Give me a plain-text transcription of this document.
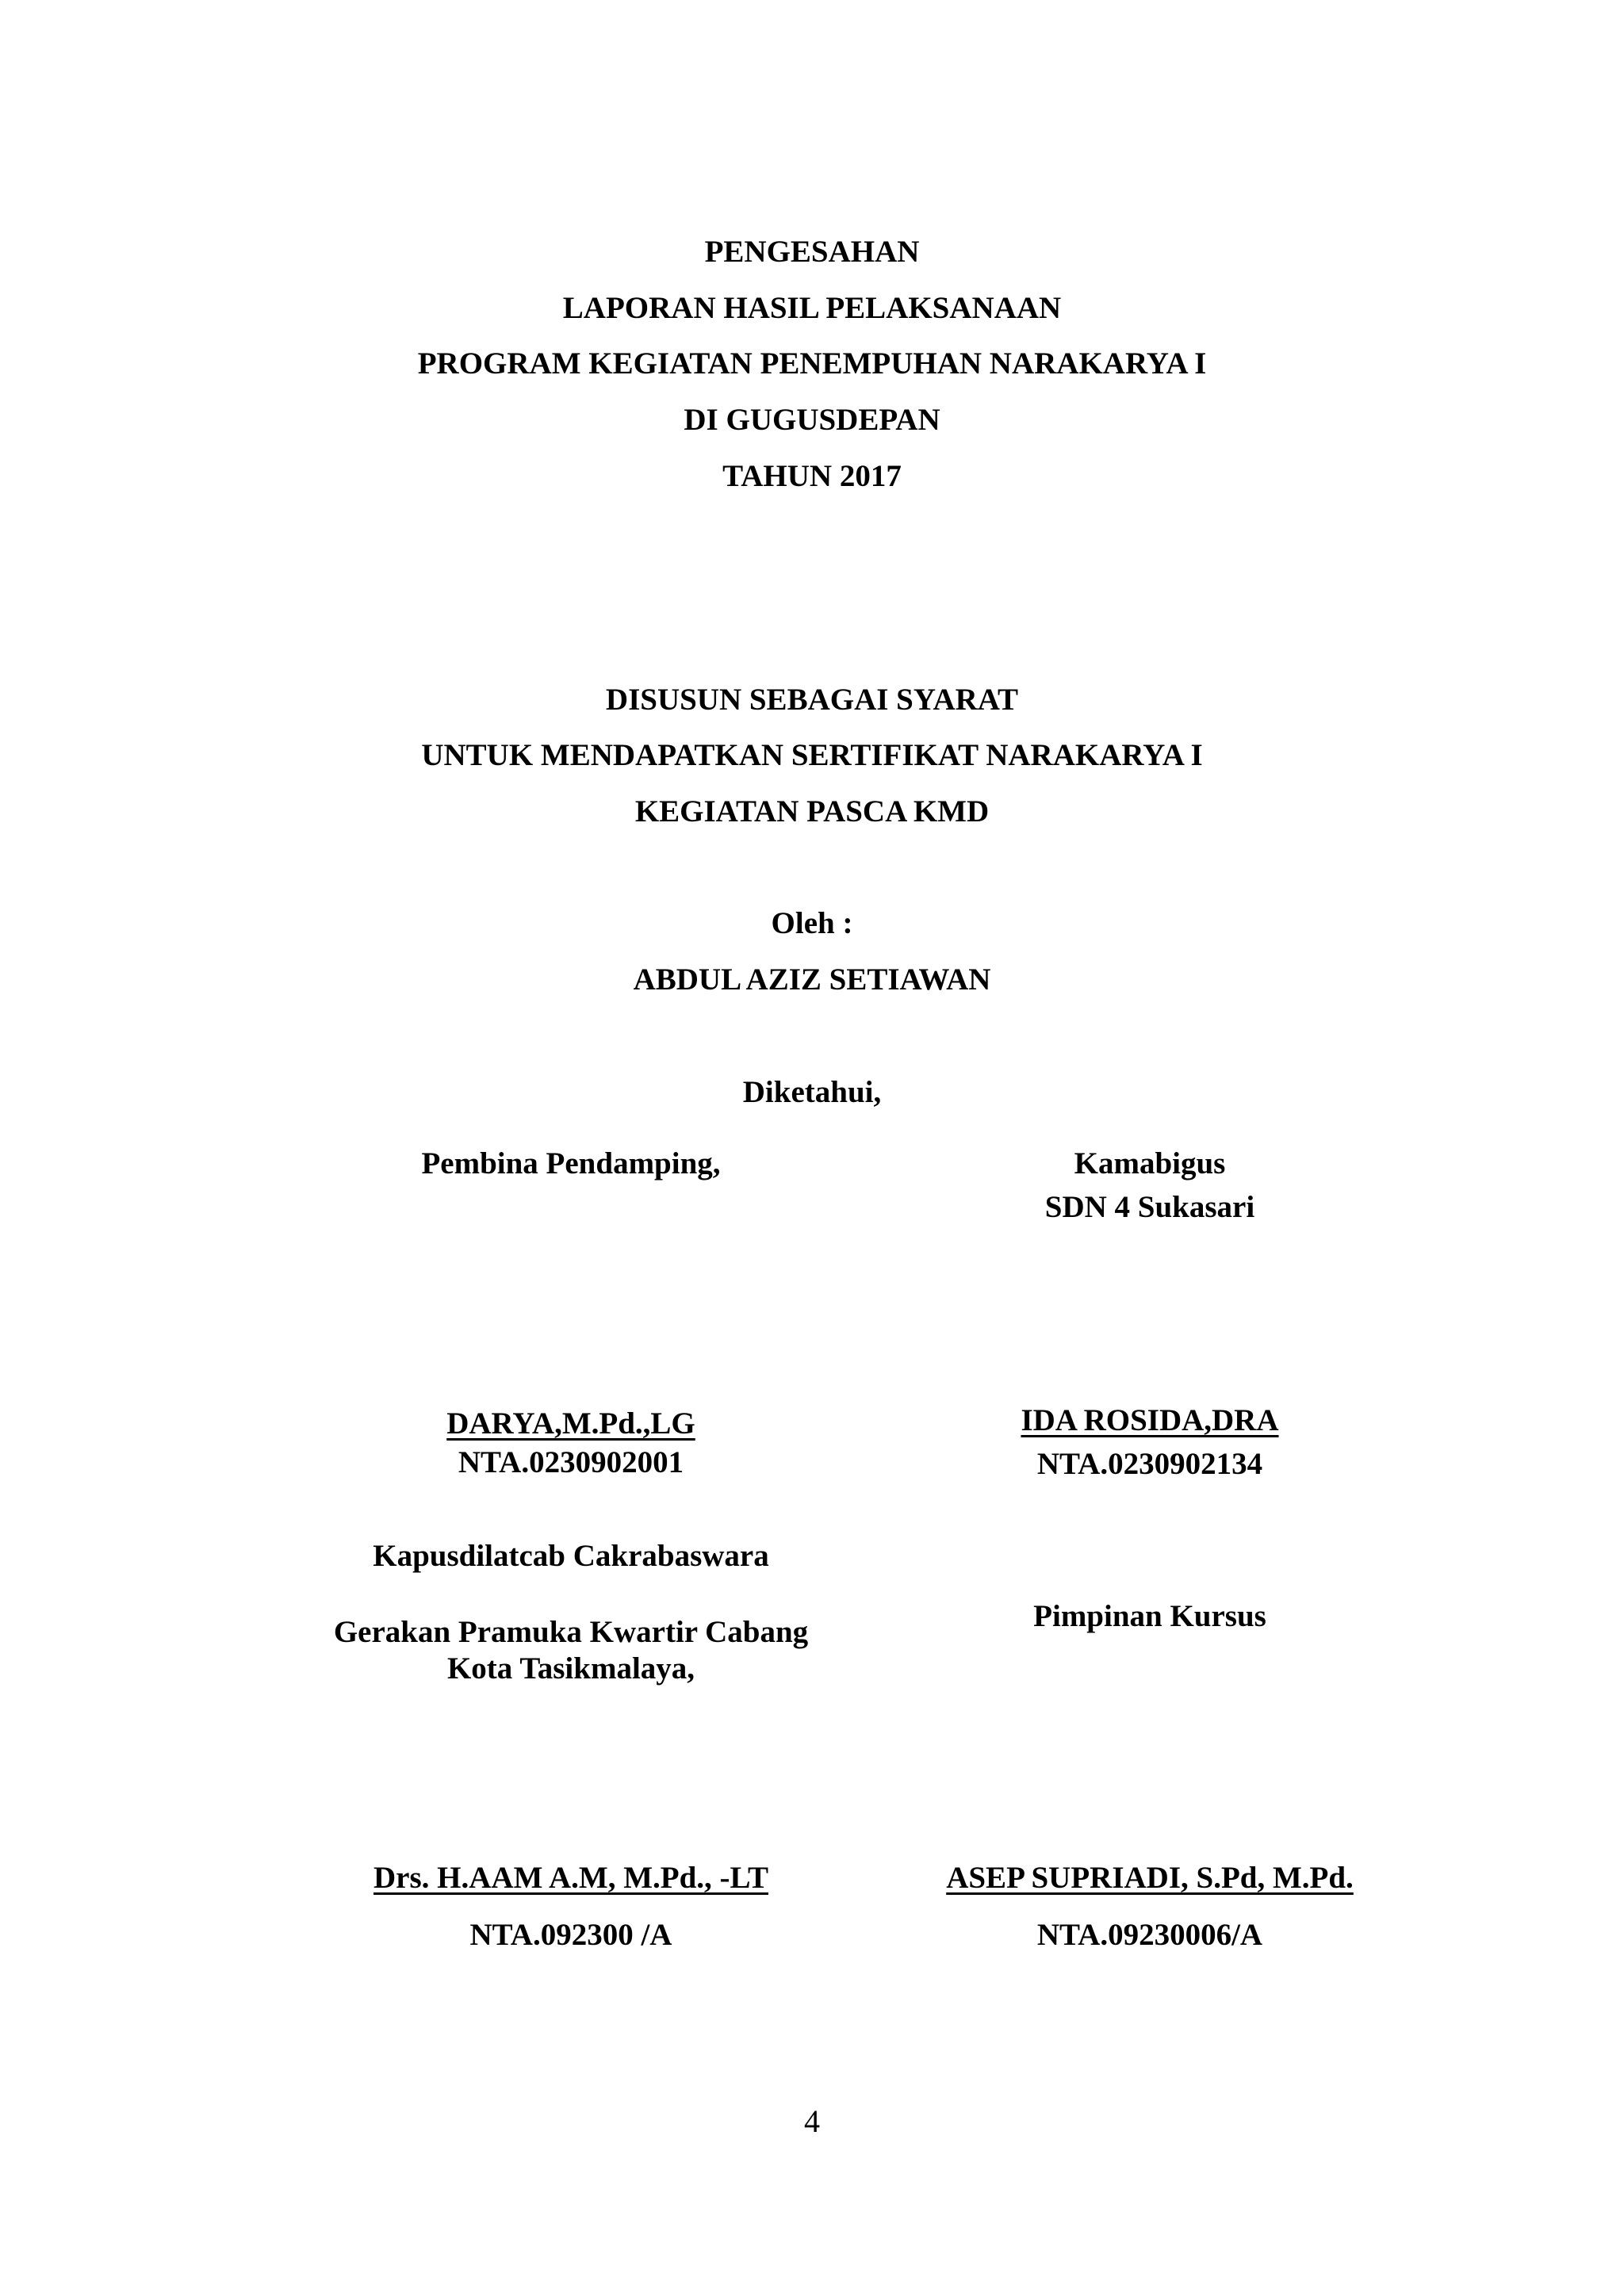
PENGESAHAN
LAPORAN HASIL PELAKSANAAN
PROGRAM KEGIATAN PENEMPUHAN NARAKARYA I
DI GUGUSDEPAN
TAHUN 2017
DISUSUN SEBAGAI SYARAT
UNTUK MENDAPATKAN SERTIFIKAT NARAKARYA I
KEGIATAN PASCA KMD
Oleh :
ABDUL AZIZ SETIAWAN
Diketahui,
Pembina Pendamping,	Kamabigus
SDN 4 Sukasari
DARYA,M.Pd.,LG
NTA.0230902001
IDA ROSIDA,DRA
NTA.0230902134
Kapusdilatcab Cakrabaswara
Gerakan Pramuka Kwartir Cabang
Kota Tasikmalaya,
Pimpinan Kursus
Drs. H.AAM A.M, M.Pd., -LT
NTA.092300 /A
ASEP SUPRIADI, S.Pd, M.Pd.
NTA.09230006/A
4
